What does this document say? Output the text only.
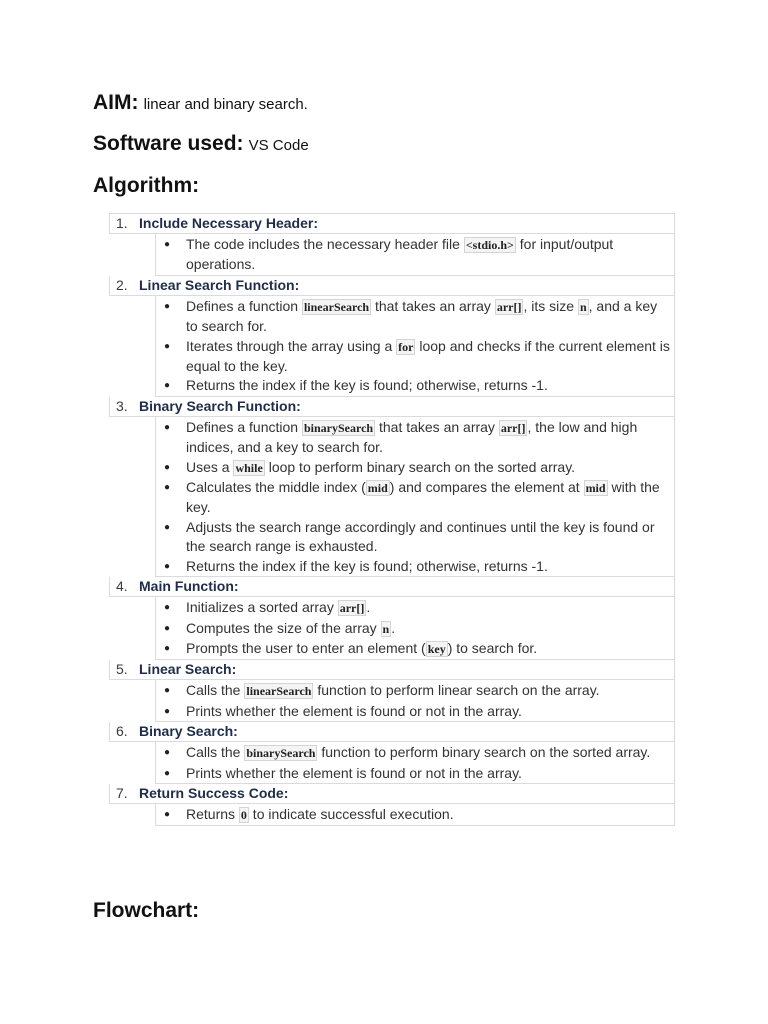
AIM: linear and binary search.
Software used: VS Code
Algorithm:
1. Include Necessary Header:
● The code includes the necessary header file <stdio.h> for input/output operations.
2. Linear Search Function:
● Defines a function linearSearch that takes an array arr[] , its size n , and a key to search for.
● Iterates through the array using a for loop and checks if the current element is equal to the key.
● Returns the index if the key is found; otherwise, returns -1.
3. Binary Search Function:
● Defines a function binarySearch that takes an array arr[] , the low and high indices, and a key to search for.
● Uses a while loop to perform binary search on the sorted array.
● Calculates the middle index ( mid ) and compares the element at mid with the key.
● Adjusts the search range accordingly and continues until the key is found or the search range is exhausted.
● Returns the index if the key is found; otherwise, returns -1.
4. Main Function:
● Initializes a sorted array arr[] .
● Computes the size of the array n .
● Prompts the user to enter an element ( key ) to search for.
5. Linear Search:
● Calls the linearSearch function to perform linear search on the array.
● Prints whether the element is found or not in the array.
6. Binary Search:
● Calls the binarySearch function to perform binary search on the sorted array.
● Prints whether the element is found or not in the array.
7. Return Success Code:
● Returns 0 to indicate successful execution.
Flowchart:
